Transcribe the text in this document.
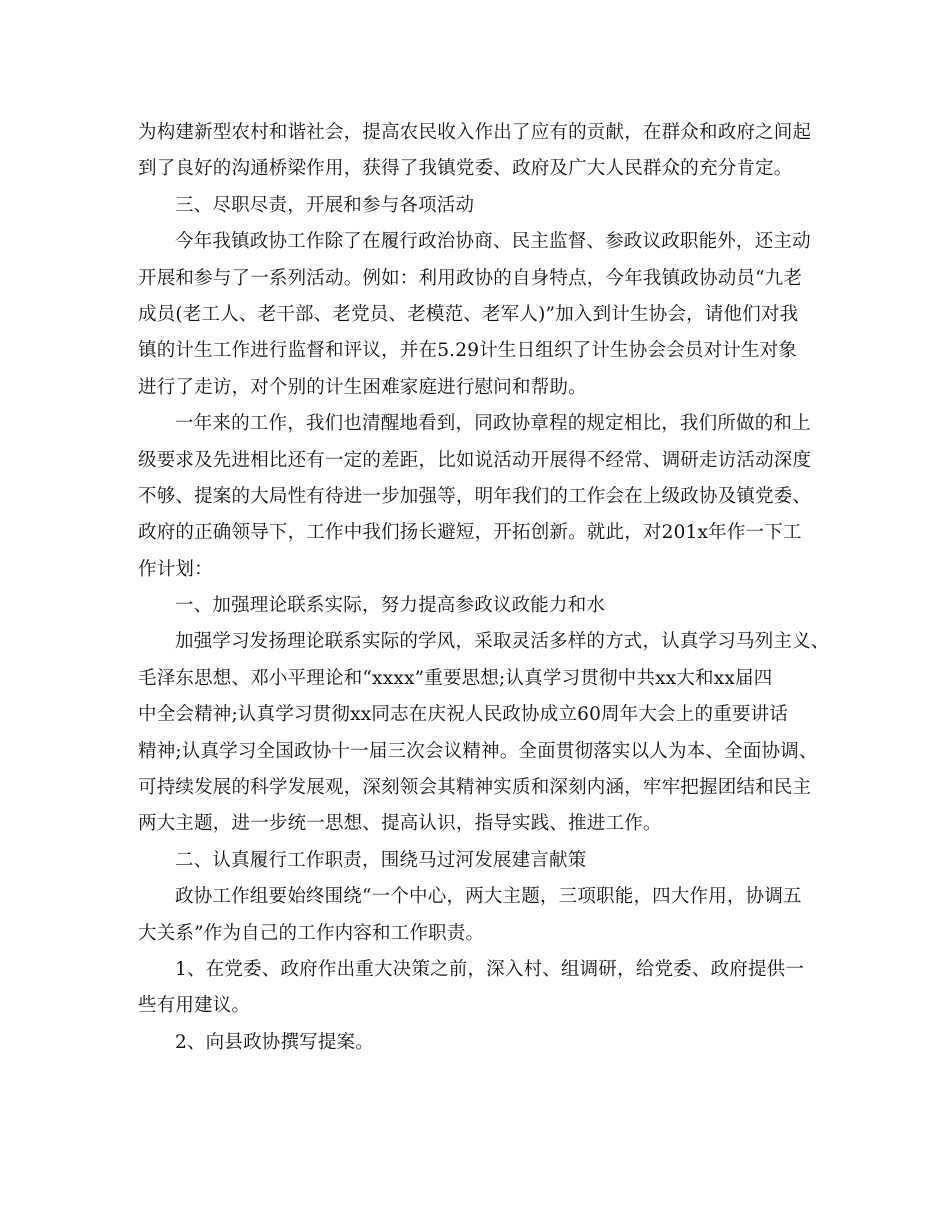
为构建新型农村和谐社会，提高农民收入作出了应有的贡献，在群众和政府之间起
到了良好的沟通桥梁作用，获得了我镇党委、政府及广大人民群众的充分肯定。
三、尽职尽责，开展和参与各项活动
今年我镇政协工作除了在履行政治协商、民主监督、参政议政职能外，还主动
开展和参与了一系列活动。例如：利用政协的自身特点，今年我镇政协动员“九老
成员(老工人、老干部、老党员、老模范、老军人)”加入到计生协会，请他们对我
镇的计生工作进行监督和评议，并在5.29计生日组织了计生协会会员对计生对象
进行了走访，对个别的计生困难家庭进行慰问和帮助。
一年来的工作，我们也清醒地看到，同政协章程的规定相比，我们所做的和上
级要求及先进相比还有一定的差距，比如说活动开展得不经常、调研走访活动深度
不够、提案的大局性有待进一步加强等，明年我们的工作会在上级政协及镇党委、
政府的正确领导下，工作中我们扬长避短，开拓创新。就此，对201x年作一下工
作计划：
一、加强理论联系实际，努力提高参政议政能力和水
加强学习发扬理论联系实际的学风，采取灵活多样的方式，认真学习马列主义、
毛泽东思想、邓小平理论和“xxxx”重要思想;认真学习贯彻中共xx大和xx届四
中全会精神;认真学习贯彻xx同志在庆祝人民政协成立60周年大会上的重要讲话
精神;认真学习全国政协十一届三次会议精神。全面贯彻落实以人为本、全面协调、
可持续发展的科学发展观，深刻领会其精神实质和深刻内涵，牢牢把握团结和民主
两大主题，进一步统一思想、提高认识，指导实践、推进工作。
二、认真履行工作职责，围绕马过河发展建言献策
政协工作组要始终围绕“一个中心，两大主题，三项职能，四大作用，协调五
大关系”作为自己的工作内容和工作职责。
1、在党委、政府作出重大决策之前，深入村、组调研，给党委、政府提供一
些有用建议。
2、向县政协撰写提案。
